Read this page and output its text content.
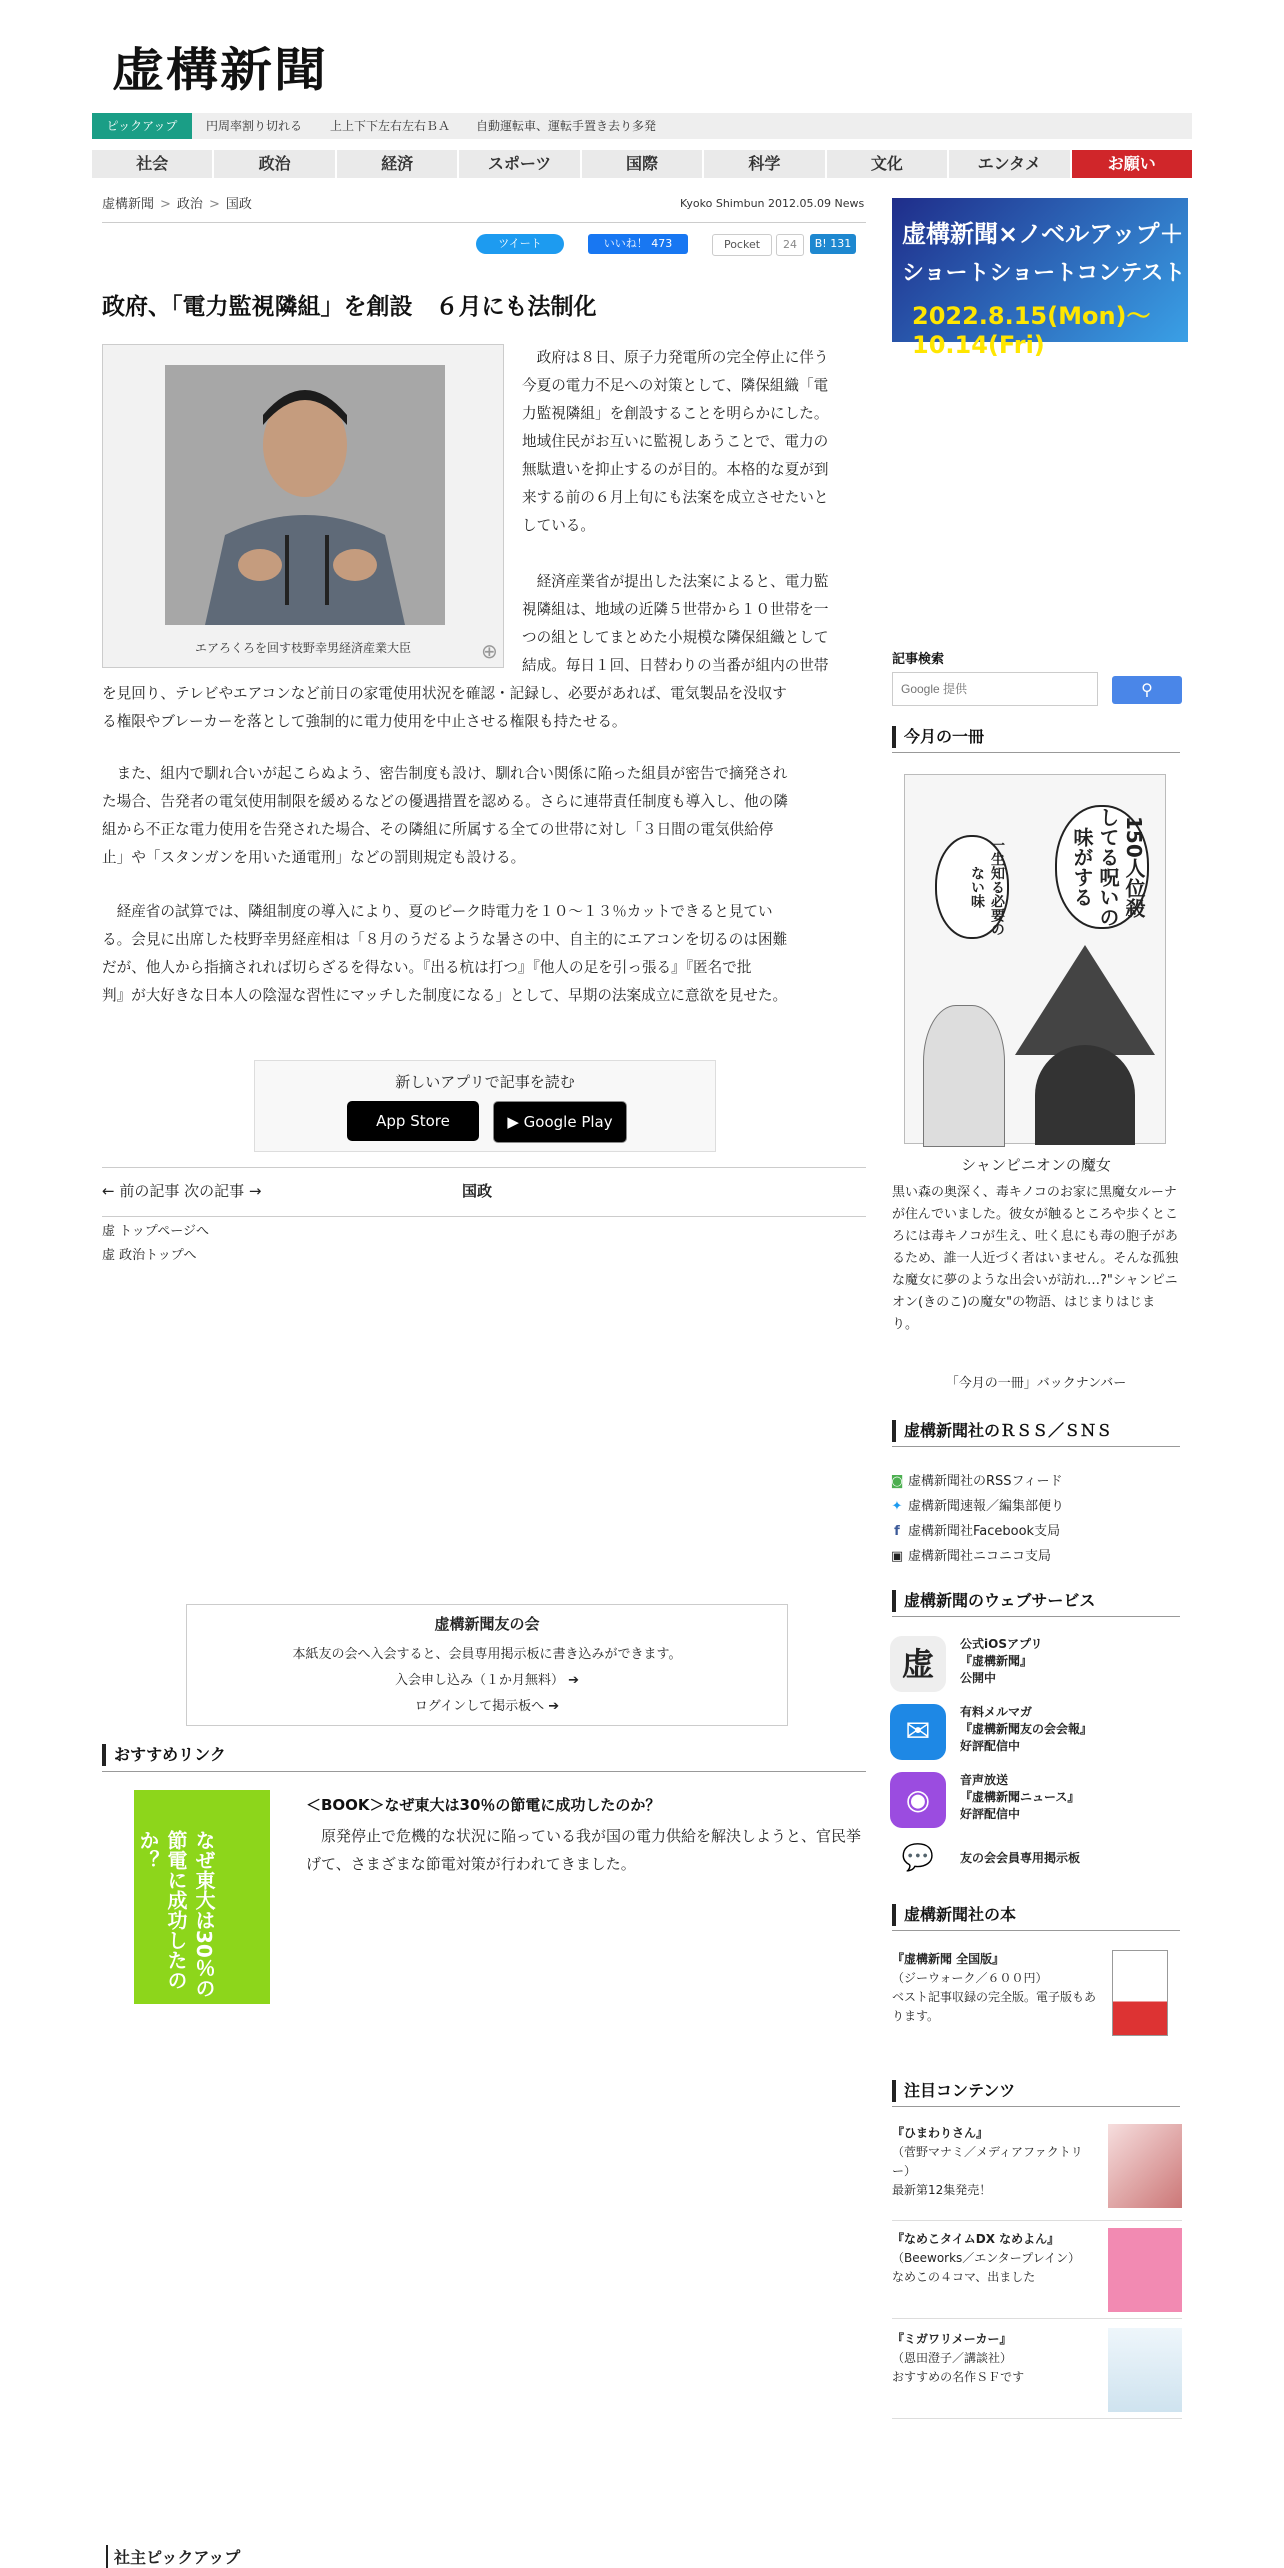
虚構新聞
ピックアップ	円周率割り切れる 上上下下左右左右ＢＡ 自動運転車、運転手置き去り多発
社会	政治	経済	スポーツ	国際	科学	文化	エンタメ	お願い
虚構新聞 > 政治 > 国政	Kyoko Shimbun 2012.05.09 News
ツイート	いいね！ 473	Pocket	24	B! 131
政府、「電力監視隣組」を創設　６月にも法制化
エアろくろを回す枝野幸男経済産業大臣	⊕
　政府は８日、原子力発電所の完全停止に伴う
今夏の電力不足への対策として、隣保組織「電
力監視隣組」を創設することを明らかにした。
地域住民がお互いに監視しあうことで、電力の
無駄遣いを抑止するのが目的。本格的な夏が到
来する前の６月上旬にも法案を成立させたいと
している。
　経済産業省が提出した法案によると、電力監
視隣組は、地域の近隣５世帯から１０世帯を一
つの組としてまとめた小規模な隣保組織として
結成。毎日１回、日替わりの当番が組内の世帯
を見回り、テレビやエアコンなど前日の家電使用状況を確認・記録し、必要があれば、電気製品を没収す
る権限やブレーカーを落として強制的に電力使用を中止させる権限も持たせる。
　また、組内で馴れ合いが起こらぬよう、密告制度も設け、馴れ合い関係に陥った組員が密告で摘発され
た場合、告発者の電気使用制限を緩めるなどの優遇措置を認める。さらに連帯責任制度も導入し、他の隣
組から不正な電力使用を告発された場合、その隣組に所属する全ての世帯に対し「３日間の電気供給停
止」や「スタンガンを用いた通電刑」などの罰則規定も設ける。
　経産省の試算では、隣組制度の導入により、夏のピーク時電力を１０～１３％カットできると見てい
る。会見に出席した枝野幸男経産相は「８月のうだるような暑さの中、自主的にエアコンを切るのは困難
だが、他人から指摘されれば切らざるを得ない。『出る杭は打つ』『他人の足を引っ張る』『匿名で批
判』が大好きな日本人の陰湿な習性にマッチした制度になる」として、早期の法案成立に意欲を見せた。
新しいアプリで記事を読む
App Store	▶ Google Play
← 前の記事	国政
次の記事 →
虚 トップページへ
虚 政治トップへ
虚構新聞友の会
本紙友の会へ入会すると、会員専用掲示板に書き込みができます。
入会申し込み（１か月無料） ➔
ログインして掲示板へ ➔
おすすめリンク
なぜ東大は30％の節電に成功したのか？
＜BOOK＞なぜ東大は30％の節電に成功したのか？
　原発停止で危機的な状況に陥っている我が国の電力供給を解決しようと、官民挙げて、さまざまな節電対策が行われてきました。
虚構新聞×ノベルアップ＋
ショートショートコンテスト
2022.8.15(Mon)〜10.14(Fri)
記事検索
Google 提供
⚲
今月の一冊
150人位殺してる呪いの味がする
一生知る必要のない味
シャンピニオンの魔女
黒い森の奥深く、毒キノコのお家に黒魔女ルーナが住んでいました。彼女が触るところや歩くところには毒キノコが生え、吐く息にも毒の胞子があるため、誰一人近づく者はいません。そんな孤独な魔女に夢のような出会いが訪れ…?"シャンピニオン(きのこ)の魔女"の物語、はじまりはじまり。
「今月の一冊」バックナンバー
虚構新聞社のＲＳＳ／ＳＮＳ
◙ 虚構新聞社のRSSフィード
✦ 虚構新聞速報／編集部便り
f 虚構新聞社Facebook支局
▣ 虚構新聞社ニコニコ支局
虚構新聞のウェブサービス
虚
公式iOSアプリ
『虚構新聞』
公開中
✉
有料メルマガ
『虚構新聞友の会会報』
好評配信中
◉
音声放送
『虚構新聞ニュース』
好評配信中
💬	友の会会員専用掲示板
虚構新聞社の本
『虚構新聞 全国版』
（ジーウォーク／６００円）
ベスト記事収録の完全版。電子版もあります。
注目コンテンツ
『ひまわりさん』
（菅野マナミ／メディアファクトリー）
最新第12集発売！
『なめこタイムDX なめよん』
（Beeworks／エンタープレイン）
なめこの４コマ、出ました
『ミガワリメーカー』
（恩田澄子／講談社）
おすすめの名作ＳＦです
社主ピックアップ
